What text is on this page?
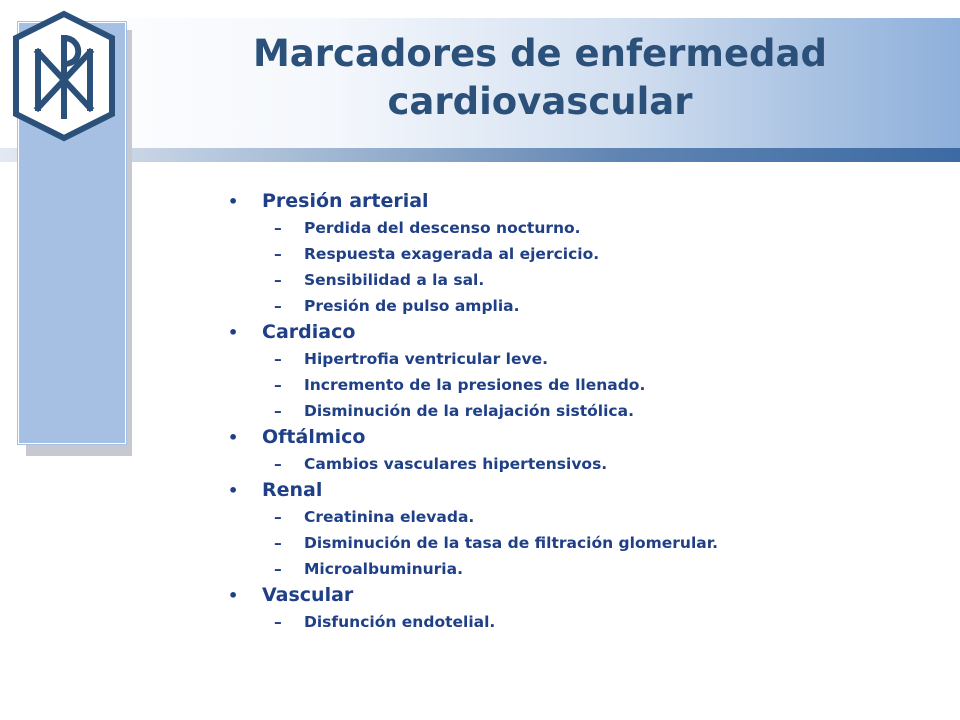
Marcadores de enfermedad
cardiovascular
• Presión arterial
– Perdida del descenso nocturno.
– Respuesta exagerada al ejercicio.
– Sensibilidad a la sal.
– Presión de pulso amplia.
• Cardiaco
– Hipertrofia ventricular leve.
– Incremento de la presiones de llenado.
– Disminución de la relajación sistólica.
• Oftálmico
– Cambios vasculares hipertensivos.
• Renal
– Creatinina elevada.
– Disminución de la tasa de filtración glomerular.
– Microalbuminuria.
• Vascular
– Disfunción endotelial.
